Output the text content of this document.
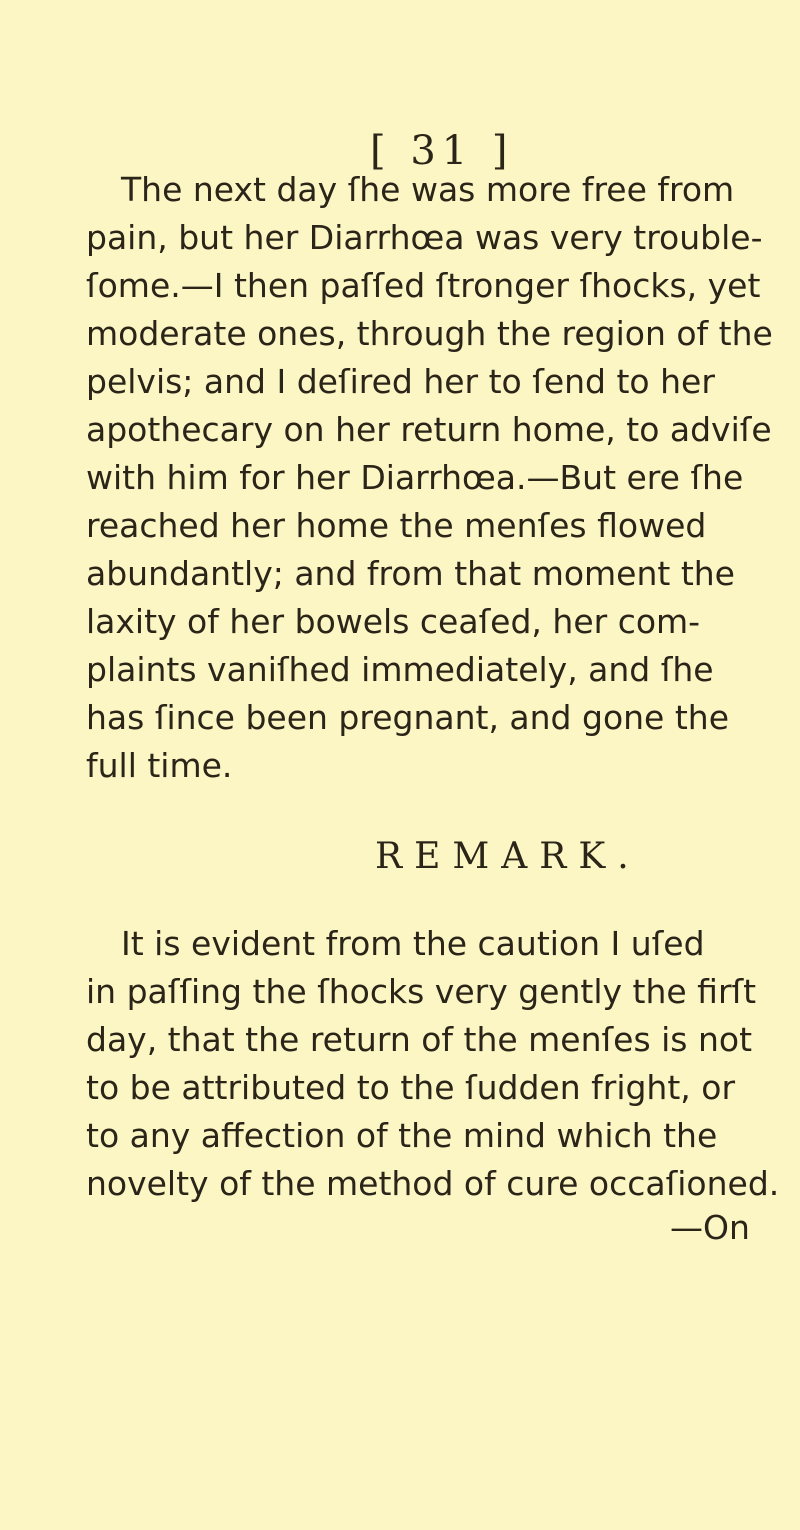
[ 31 ]
The next day ſhe was more free from
pain, but her Diarrhœa was very trouble-
ſome.—I then paſſed ſtronger ſhocks, yet
moderate ones, through the region of the
pelvis; and I deſired her to ſend to her
apothecary on her return home, to adviſe
with him for her Diarrhœa.—But ere ſhe
reached her home the menſes flowed
abundantly; and from that moment the
laxity of her bowels ceaſed, her com-
plaints vaniſhed immediately, and ſhe
has ſince been pregnant, and gone the
full time.
REMARK.
It is evident from the caution I uſed
in paſſing the ſhocks very gently the firſt
day, that the return of the menſes is not
to be attributed to the ſudden fright, or
to any affection of the mind which the
novelty of the method of cure occaſioned.
—On
